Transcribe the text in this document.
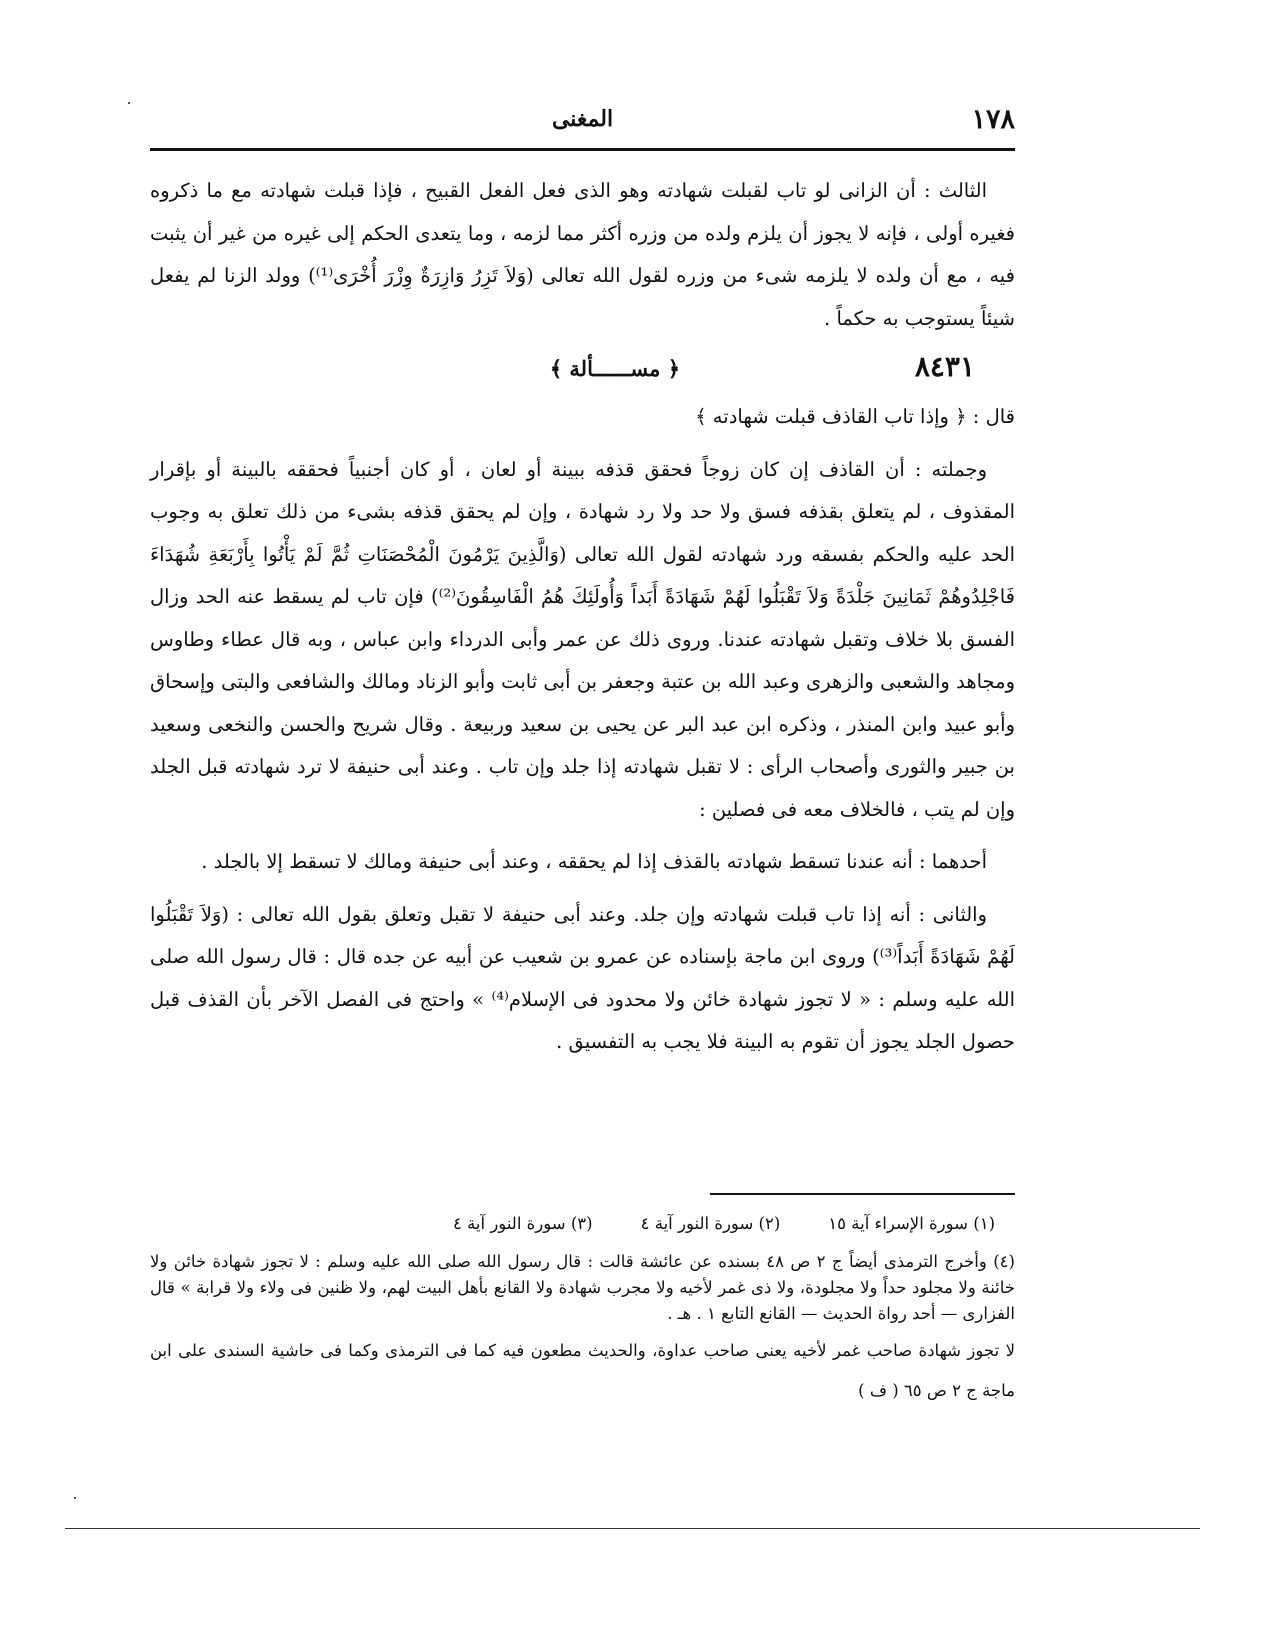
١٧٨
المغنى

الثالث : أن الزانى لو تاب لقبلت شهادته وهو الذى فعل الفعل القبيح ، فإذا قبلت شهادته مع ما ذكروه فغيره أولى ، فإنه لا يجوز أن يلزم ولده من وزره أكثر مما لزمه ، وما يتعدى الحكم إلى غيره من غير أن يثبت فيه ، مع أن ولده لا يلزمه شىء من وزره لقول الله تعالى (وَلاَ تَزِرُ وَازِرَةٌ وِزْرَ أُخْرَى⁽¹⁾) وولد الزنا لم يفعل شيئاً يستوجب به حكماً .

٨٤٣١
﴿ مســــــألة ﴾

قال : ﴿ وإذا تاب القاذف قبلت شهادته ﴾

وجملته : أن القاذف إن كان زوجاً فحقق قذفه ببينة أو لعان ، أو كان أجنبياً فحققه بالبينة أو بإقرار المقذوف ، لم يتعلق بقذفه فسق ولا حد ولا رد شهادة ، وإن لم يحقق قذفه بشىء من ذلك تعلق به وجوب الحد عليه والحكم بفسقه ورد شهادته لقول الله تعالى (وَالَّذِينَ يَرْمُونَ الْمُحْصَنَاتِ ثُمَّ لَمْ يَأْتُوا بِأَرْبَعَةِ شُهَدَاءَ فَاجْلِدُوهُمْ ثَمَانِينَ جَلْدَةً وَلاَ تَقْبَلُوا لَهُمْ شَهَادَةً أَبَداً وَأُولَئِكَ هُمُ الْفَاسِقُونَ⁽²⁾) فإن تاب لم يسقط عنه الحد وزال الفسق بلا خلاف وتقبل شهادته عندنا. وروى ذلك عن عمر وأبى الدرداء وابن عباس ، وبه قال عطاء وطاوس ومجاهد والشعبى والزهرى وعبد الله بن عتبة وجعفر بن أبى ثابت وأبو الزناد ومالك والشافعى والبتى وإسحاق وأبو عبيد وابن المنذر ، وذكره ابن عبد البر عن يحيى بن سعيد وربيعة . وقال شريح والحسن والنخعى وسعيد بن جبير والثورى وأصحاب الرأى : لا تقبل شهادته إذا جلد وإن تاب . وعند أبى حنيفة لا ترد شهادته قبل الجلد وإن لم يتب ، فالخلاف معه فى فصلين :

أحدهما : أنه عندنا تسقط شهادته بالقذف إذا لم يحققه ، وعند أبى حنيفة ومالك لا تسقط إلا بالجلد .

والثانى : أنه إذا تاب قبلت شهادته وإن جلد. وعند أبى حنيفة لا تقبل وتعلق بقول الله تعالى : (وَلاَ تَقْبَلُوا لَهُمْ شَهَادَةً أَبَداً⁽³⁾) وروى ابن ماجة بإسناده عن عمرو بن شعيب عن أبيه عن جده قال : قال رسول الله صلى الله عليه وسلم : « لا تجوز شهادة خائن ولا محدود فى الإسلام⁽⁴⁾ » واحتج فى الفصل الآخر بأن القذف قبل حصول الجلد يجوز أن تقوم به البينة فلا يجب به التفسيق .

(١) سورة الإسراء آية ١٥
(٢) سورة النور آية ٤
(٣) سورة النور آية ٤

(٤) وأخرج الترمذى أيضاً ج ٢ ص ٤٨ بسنده عن عائشة قالت : قال رسول الله صلى الله عليه وسلم : لا تجوز شهادة خائن ولا خائنة ولا مجلود حداً ولا مجلودة، ولا ذى غمر لأخيه ولا مجرب شهادة ولا القانع بأهل البيت لهم، ولا ظنين فى ولاء ولا قرابة » قال الفزارى — أحد رواة الحديث — القانع التابع ١ . هـ .

لا تجوز شهادة صاحب غمر لأخيه يعنى صاحب عداوة، والحديث مطعون فيه كما فى الترمذى وكما فى حاشية السندى على ابن ماجة ج ٢ ص ٦٥ ( ف )
